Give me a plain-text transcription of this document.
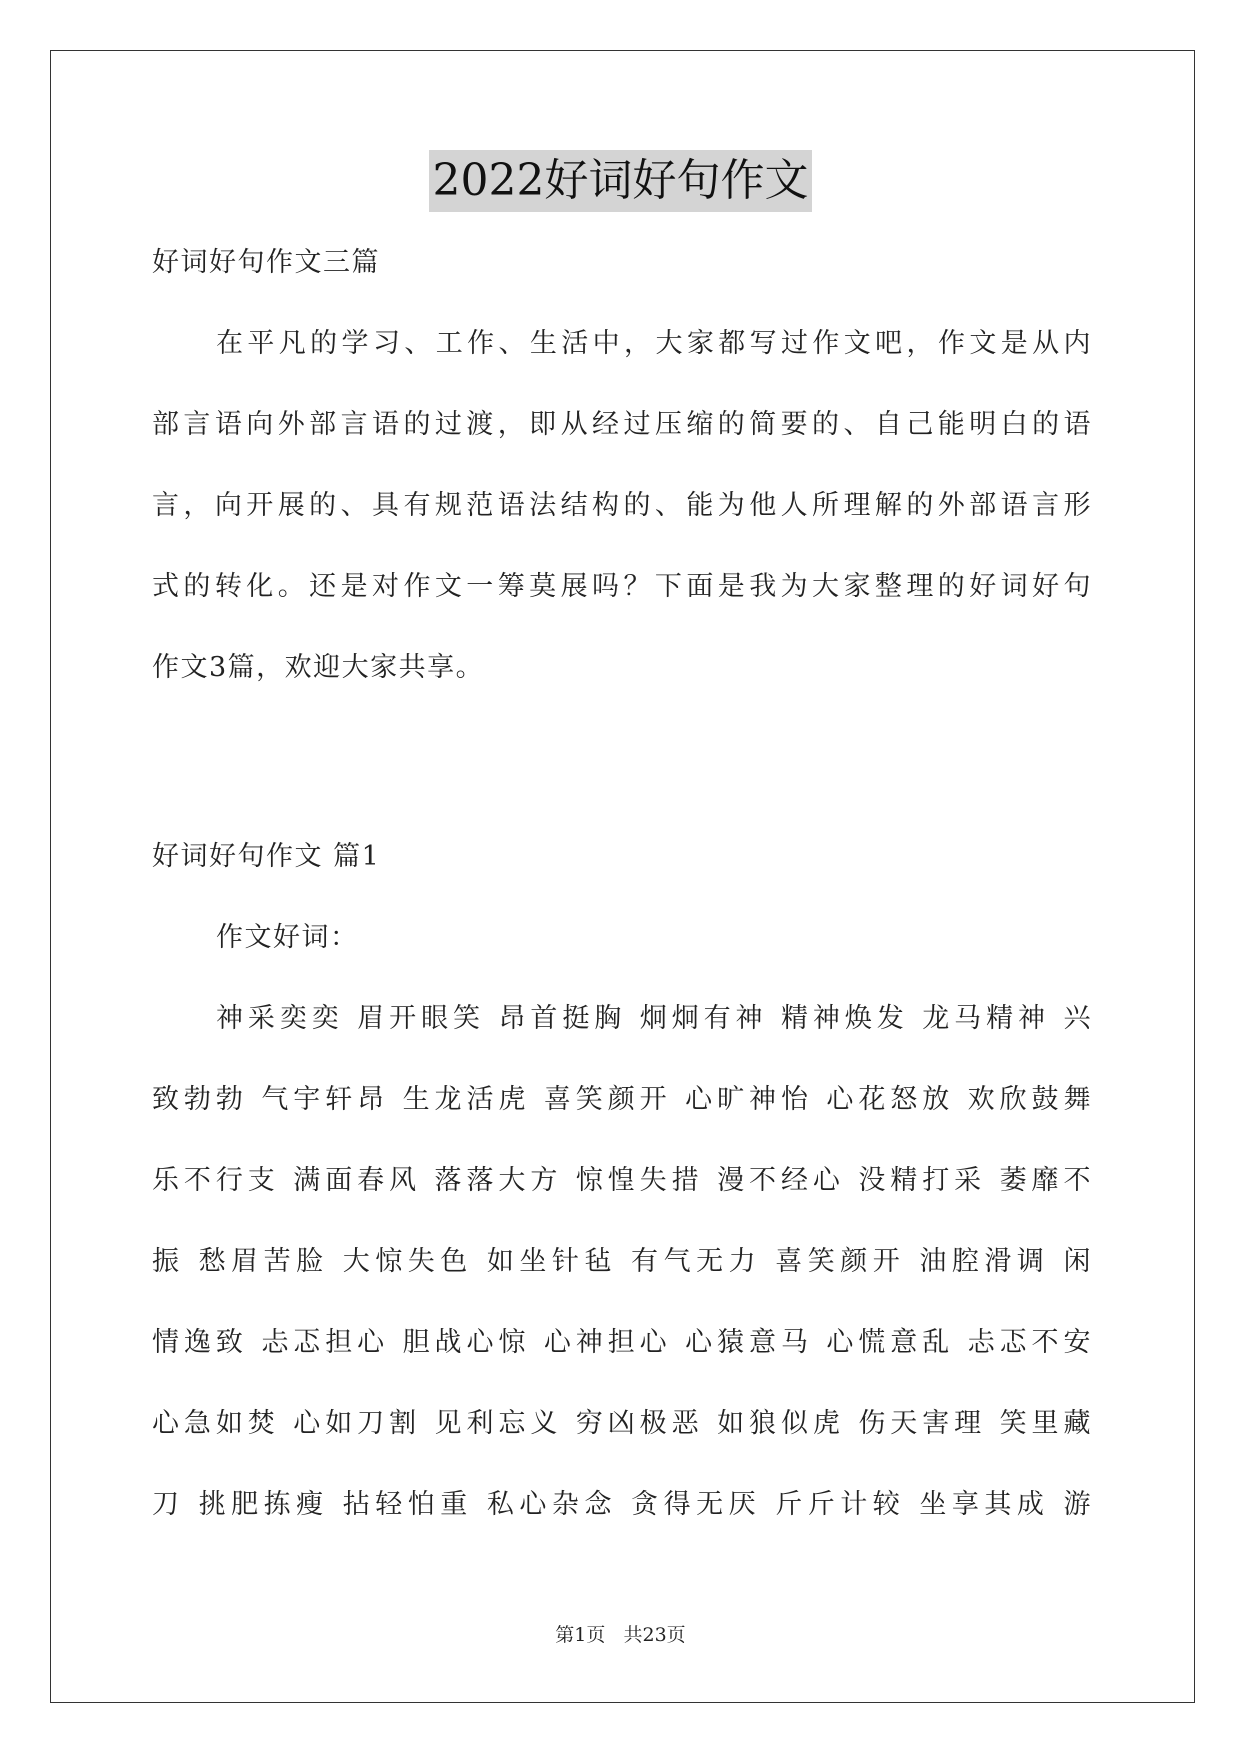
2022好词好句作文
好词好句作文三篇
在平凡的学习、工作、生活中，大家都写过作文吧，作文是从内
部言语向外部言语的过渡，即从经过压缩的简要的、自己能明白的语
言，向开展的、具有规范语法结构的、能为他人所理解的外部语言形
式的转化。还是对作文一筹莫展吗？下面是我为大家整理的好词好句
作文3篇，欢迎大家共享。
好词好句作文 篇1
作文好词：
神采奕奕 眉开眼笑 昂首挺胸 炯炯有神 精神焕发 龙马精神 兴
致勃勃 气宇轩昂 生龙活虎 喜笑颜开 心旷神怡 心花怒放 欢欣鼓舞
乐不行支 满面春风 落落大方 惊惶失措 漫不经心 没精打采 萎靡不
振 愁眉苦脸 大惊失色 如坐针毡 有气无力 喜笑颜开 油腔滑调 闲
情逸致 忐忑担心 胆战心惊 心神担心 心猿意马 心慌意乱 忐忑不安
心急如焚 心如刀割 见利忘义 穷凶极恶 如狼似虎 伤天害理 笑里藏
刀 挑肥拣瘦 拈轻怕重 私心杂念 贪得无厌 斤斤计较 坐享其成 游
第1页   共23页
